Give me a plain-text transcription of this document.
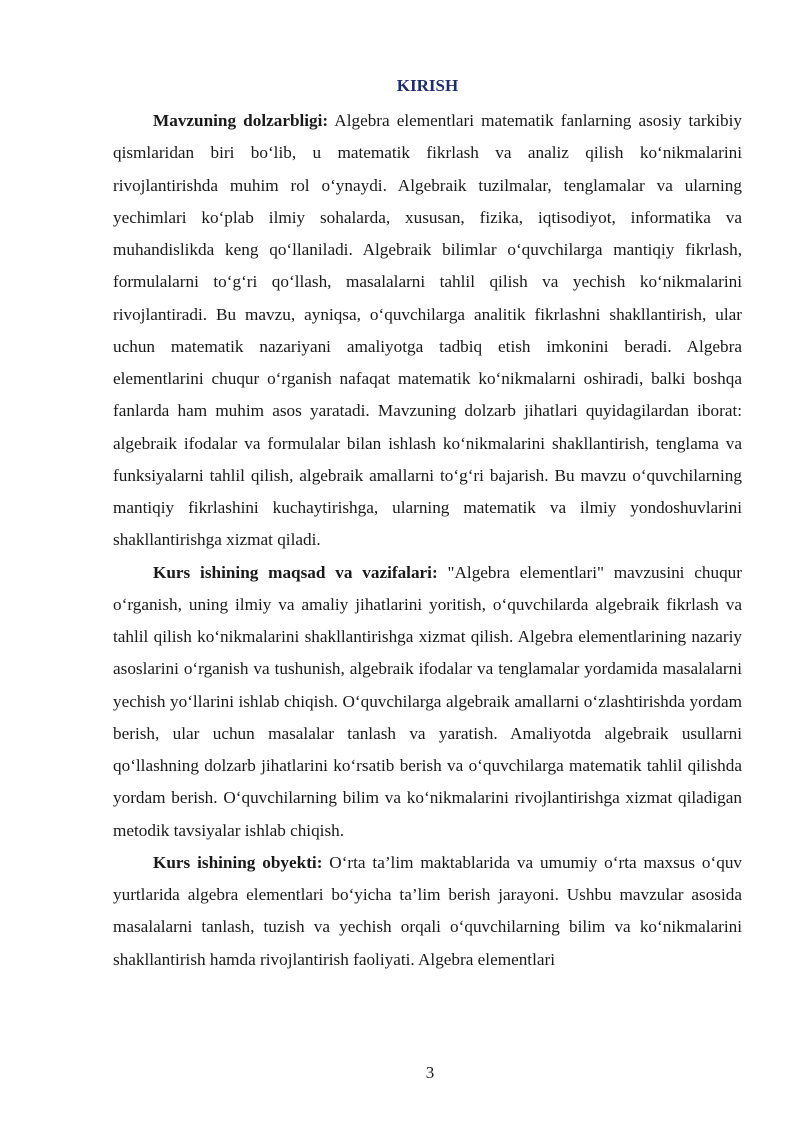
KIRISH

Mavzuning dolzarbligi: Algebra elementlari matematik fanlarning asosiy tarkibiy qismlaridan biri bo‘lib, u matematik fikrlash va analiz qilish ko‘nikmalarini rivojlantirishda muhim rol o‘ynaydi. Algebraik tuzilmalar, tenglamalar va ularning yechimlari ko‘plab ilmiy sohalarda, xususan, fizika, iqtisodiyot, informatika va muhandislikda keng qo‘llaniladi. Algebraik bilimlar o‘quvchilarga mantiqiy fikrlash, formulalarni to‘g‘ri qo‘llash, masalalarni tahlil qilish va yechish ko‘nikmalarini rivojlantiradi. Bu mavzu, ayniqsa, o‘quvchilarga analitik fikrlashni shakllantirish, ular uchun matematik nazariyani amaliyotga tadbiq etish imkonini beradi. Algebra elementlarini chuqur o‘rganish nafaqat matematik ko‘nikmalarni oshiradi, balki boshqa fanlarda ham muhim asos yaratadi. Mavzuning dolzarb jihatlari quyidagilardan iborat: algebraik ifodalar va formulalar bilan ishlash ko‘nikmalarini shakllantirish, tenglama va funksiyalarni tahlil qilish, algebraik amallarni to‘g‘ri bajarish. Bu mavzu o‘quvchilarning mantiqiy fikrlashini kuchaytirishga, ularning matematik va ilmiy yondoshuvlarini shakllantirishga xizmat qiladi.

Kurs ishining maqsad va vazifalari: "Algebra elementlari" mavzusini chuqur o‘rganish, uning ilmiy va amaliy jihatlarini yoritish, o‘quvchilarda algebraik fikrlash va tahlil qilish ko‘nikmalarini shakllantirishga xizmat qilish. Algebra elementlarining nazariy asoslarini o‘rganish va tushunish, algebraik ifodalar va tenglamalar yordamida masalalarni yechish yo‘llarini ishlab chiqish. O‘quvchilarga algebraik amallarni o‘zlashtirishda yordam berish, ular uchun masalalar tanlash va yaratish. Amaliyotda algebraik usullarni qo‘llashning dolzarb jihatlarini ko‘rsatib berish va o‘quvchilarga matematik tahlil qilishda yordam berish. O‘quvchilarning bilim va ko‘nikmalarini rivojlantirishga xizmat qiladigan metodik tavsiyalar ishlab chiqish.

Kurs ishining obyekti: O‘rta ta’lim maktablarida va umumiy o‘rta maxsus o‘quv yurtlarida algebra elementlari bo‘yicha ta’lim berish jarayoni. Ushbu mavzular asosida masalalarni tanlash, tuzish va yechish orqali o‘quvchilarning bilim va ko‘nikmalarini shakllantirish hamda rivojlantirish faoliyati. Algebra elementlari

3
